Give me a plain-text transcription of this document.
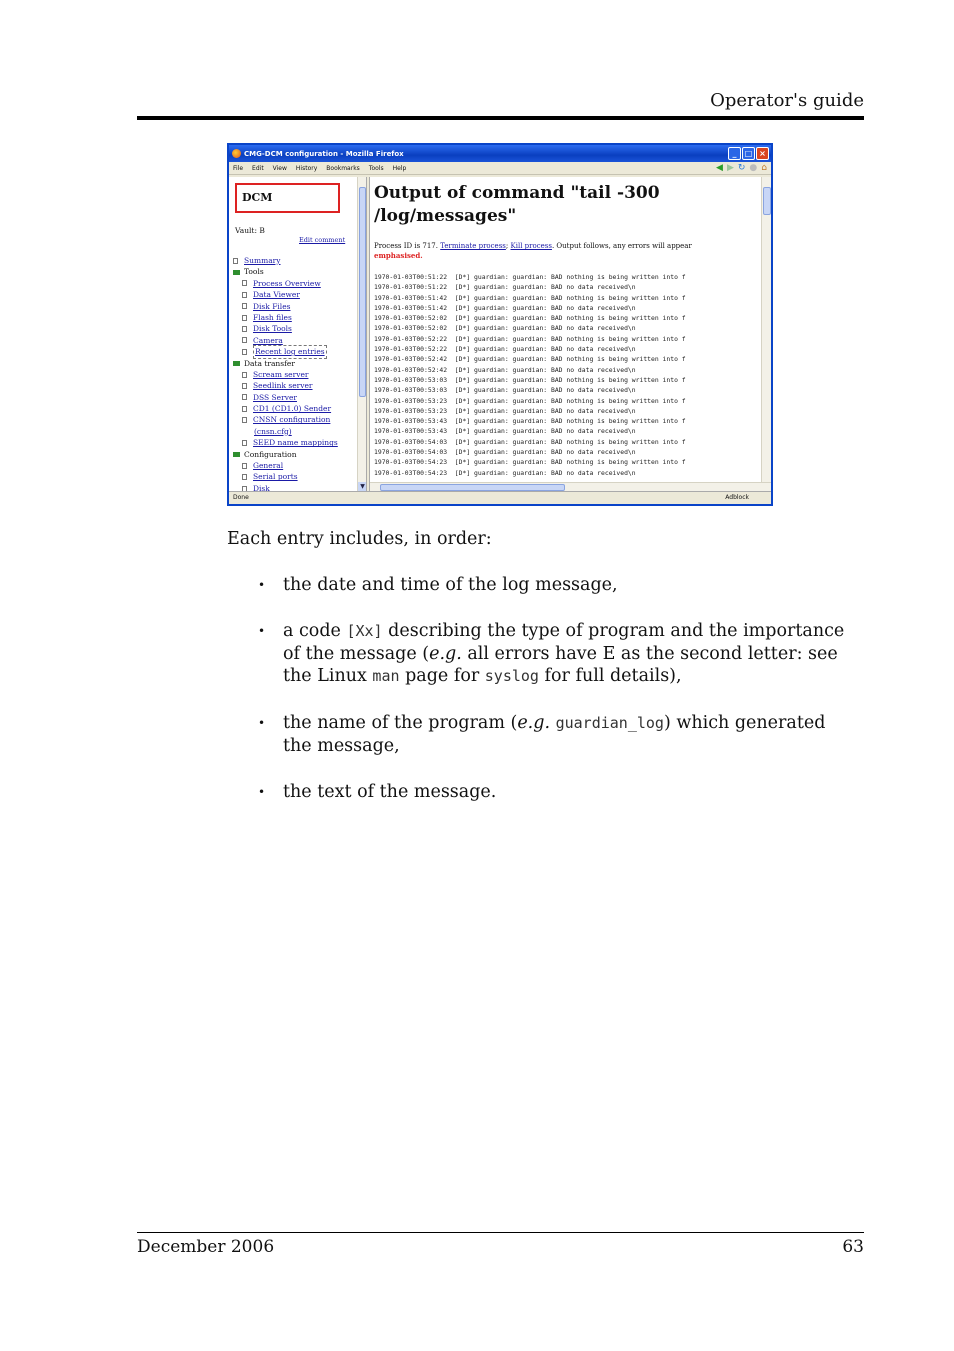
Operator's guide
CMG-DCM configuration - Mozilla Firefox	_	□ ×
File Edit View History Bookmarks Tools Help	◀ ▶ ↻ ● ⌂
DCM
Vault: B
Edit comment
Summary
Tools
Process Overview
Data Viewer
Disk Files
Flash files
Disk Tools
Camera
Recent log entries
Data transfer
Scream server
Seedlink server
DSS Server
CD1 (CD1.0) Sender
CNSN configuration
(cnsn.cfg)
SEED name mappings
Configuration
General
Serial ports
Disk	▼
Output of command "tail -300 /log/messages"
Process ID is 717. Terminate process; Kill process. Output follows, any errors will appear
emphasised.
1970-01-03T00:51:22  [D*] guardian: guardian: BAD nothing is being written into f
1970-01-03T00:51:22  [D*] guardian: guardian: BAD no data received\n
1970-01-03T00:51:42  [D*] guardian: guardian: BAD nothing is being written into f
1970-01-03T00:51:42  [D*] guardian: guardian: BAD no data received\n
1970-01-03T00:52:02  [D*] guardian: guardian: BAD nothing is being written into f
1970-01-03T00:52:02  [D*] guardian: guardian: BAD no data received\n
1970-01-03T00:52:22  [D*] guardian: guardian: BAD nothing is being written into f
1970-01-03T00:52:22  [D*] guardian: guardian: BAD no data received\n
1970-01-03T00:52:42  [D*] guardian: guardian: BAD nothing is being written into f
1970-01-03T00:52:42  [D*] guardian: guardian: BAD no data received\n
1970-01-03T00:53:03  [D*] guardian: guardian: BAD nothing is being written into f
1970-01-03T00:53:03  [D*] guardian: guardian: BAD no data received\n
1970-01-03T00:53:23  [D*] guardian: guardian: BAD nothing is being written into f
1970-01-03T00:53:23  [D*] guardian: guardian: BAD no data received\n
1970-01-03T00:53:43  [D*] guardian: guardian: BAD nothing is being written into f
1970-01-03T00:53:43  [D*] guardian: guardian: BAD no data received\n
1970-01-03T00:54:03  [D*] guardian: guardian: BAD nothing is being written into f
1970-01-03T00:54:03  [D*] guardian: guardian: BAD no data received\n
1970-01-03T00:54:23  [D*] guardian: guardian: BAD nothing is being written into f
1970-01-03T00:54:23  [D*] guardian: guardian: BAD no data received\n
Done	Adblock
Each entry includes, in order:
• the date and time of the log message,
• a code [Xx] describing the type of program and the importance of the message (e.g. all errors have E as the second letter: see the Linux man page for syslog for full details),
• the name of the program (e.g. guardian_log) which generated the message,
• the text of the message.
December 2006	63
